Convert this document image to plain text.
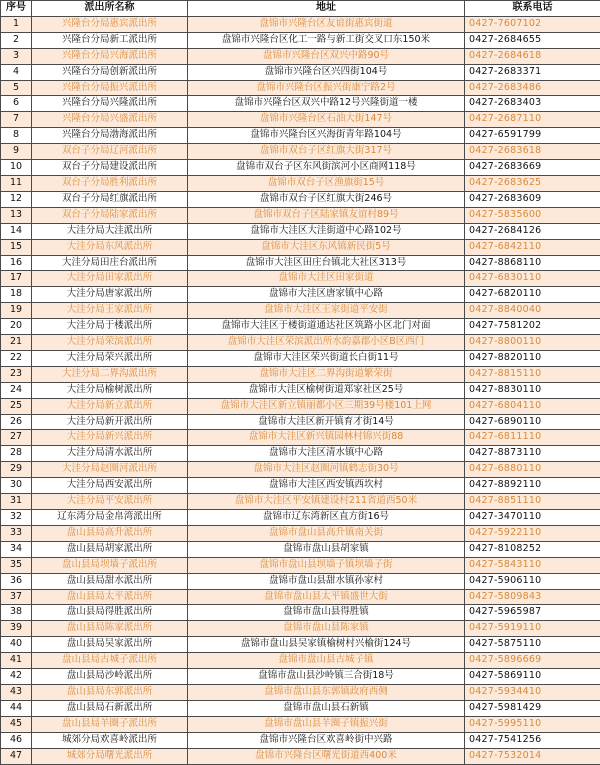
序号	派出所名称	地址	联系电话
1	兴隆台分局惠宾派出所	盘锦市兴隆台区友谊街惠宾街道	0427-7607102
2	兴隆台分局新工派出所	盘锦市兴隆台区化工一路与新工街交叉口东150米	0427-2684655
3	兴隆台分局兴海派出所	盘锦市兴隆台区双兴中路90号	0427-2684618
4	兴隆台分局创新派出所	盘锦市兴隆台区兴四街104号	0427-2683371
5	兴隆台分局振兴派出所	盘锦市兴隆台区振兴街康宁路2号	0427-2683486
6	兴隆台分局兴隆派出所	盘锦市兴隆台区双兴中路12号兴隆街道一楼	0427-2683403
7	兴隆台分局兴盛派出所	盘锦市兴隆台区石油大街147号	0427-2687110
8	兴隆台分局渤海派出所	盘锦市兴隆台区兴海街青年路104号	0427-6591799
9	双台子分局辽河派出所	盘锦市双台子区红旗大街317号	0427-2683618
10	双台子分局建设派出所	盘锦市双台子区东风街滨河小区商网118号	0427-2683669
11	双台子分局胜利派出所	盘锦市双台子区渔旗街15号	0427-2683625
12	双台子分局红旗派出所	盘锦市双台子区红旗大街246号	0427-2683609
13	双台子分局陆家派出所	盘锦市双台子区陆家镇友谊村89号	0427-5835600
14	大洼分局大洼派出所	盘锦市大洼区大洼街道中心路102号	0427-2684126
15	大洼分局东风派出所	盘锦市大洼区东风镇新民街5号	0427-6842110
16	大洼分局田庄台派出所	盘锦市大洼区田庄台镇北大社区313号	0427-8868110
17	大洼分局田家派出所	盘锦市大洼区田家街道	0427-6830110
18	大洼分局唐家派出所	盘锦市大洼区唐家镇中心路	0427-6820110
19	大洼分局王家派出所	盘锦市大洼区王家街道平安街	0427-8840040
20	大洼分局于楼派出所	盘锦市大洼区于楼街道通达社区筑路小区北门对面	0427-7581202
21	大洼分局荣滨派出所	盘锦市大洼区荣滨派出所水韵嘉郡小区B区西门	0427-8800110
22	大洼分局荣兴派出所	盘锦市大洼区荣兴街道长白街11号	0427-8820110
23	大洼分局二界沟派出所	盘锦市大洼区二界沟街道繁荣街	0427-8815110
24	大洼分局榆树派出所	盘锦市大洼区榆树街道郑家社区25号	0427-8830110
25	大洼分局新立派出所	盘锦市大洼区新立镇丽都小区三期39号楼101上网	0427-6804110
26	大洼分局新开派出所	盘锦市大洼区新开镇育才街14号	0427-6890110
27	大洼分局新兴派出所	盘锦市大洼区新兴镇园林村锦兴街88	0427-6811110
28	大洼分局清水派出所	盘锦市大洼区清水镇中心路	0427-8873110
29	大洼分局赵圈河派出所	盘锦市大洼区赵圈河镇鹤志街30号	0427-6880110
30	大洼分局西安派出所	盘锦市大洼区西安镇西坎村	0427-8892110
31	大洼分局平安派出所	盘锦市大洼区平安镇建设村211省道西50米	0427-8851110
32	辽东湾分局金帛湾派出所	盘锦市辽东湾新区直方街16号	0427-3470110
33	盘山县局高升派出所	盘锦市盘山县高升镇南关街	0427-5922110
34	盘山县局胡家派出所	盘锦市盘山县胡家镇	0427-8108252
35	盘山县局坝墙子派出所	盘锦市盘山县坝墙子镇坝墙子街	0427-5843110
36	盘山县局甜水派出所	盘锦市盘山县甜水镇孙家村	0427-5906110
37	盘山县局太平派出所	盘锦市盘山县太平镇盛世大街	0427-5809843
38	盘山县局得胜派出所	盘锦市盘山县得胜镇	0427-5965987
39	盘山县局陈家派出所	盘锦市盘山县陈家镇	0427-5919110
40	盘山县局吴家派出所	盘锦市盘山县吴家镇榆树村兴榆街124号	0427-5875110
41	盘山县局古城子派出所	盘锦市盘山县古城子镇	0427-5896669
42	盘山县局沙岭派出所	盘锦市盘山县沙岭镇三合街18号	0427-5869110
43	盘山县局东郭派出所	盘锦市盘山县东郭镇政府西侧	0427-5934410
44	盘山县局石新派出所	盘锦市盘山县石新镇	0427-5981429
45	盘山县局羊圈子派出所	盘锦市盘山县羊圈子镇振兴街	0427-5995110
46	城郊分局欢喜岭派出所	盘锦市兴隆台区欢喜岭街中兴路	0427-7541256
47	城郊分局曙光派出所	盘锦市兴隆台区曙光街道西400米	0427-7532014
